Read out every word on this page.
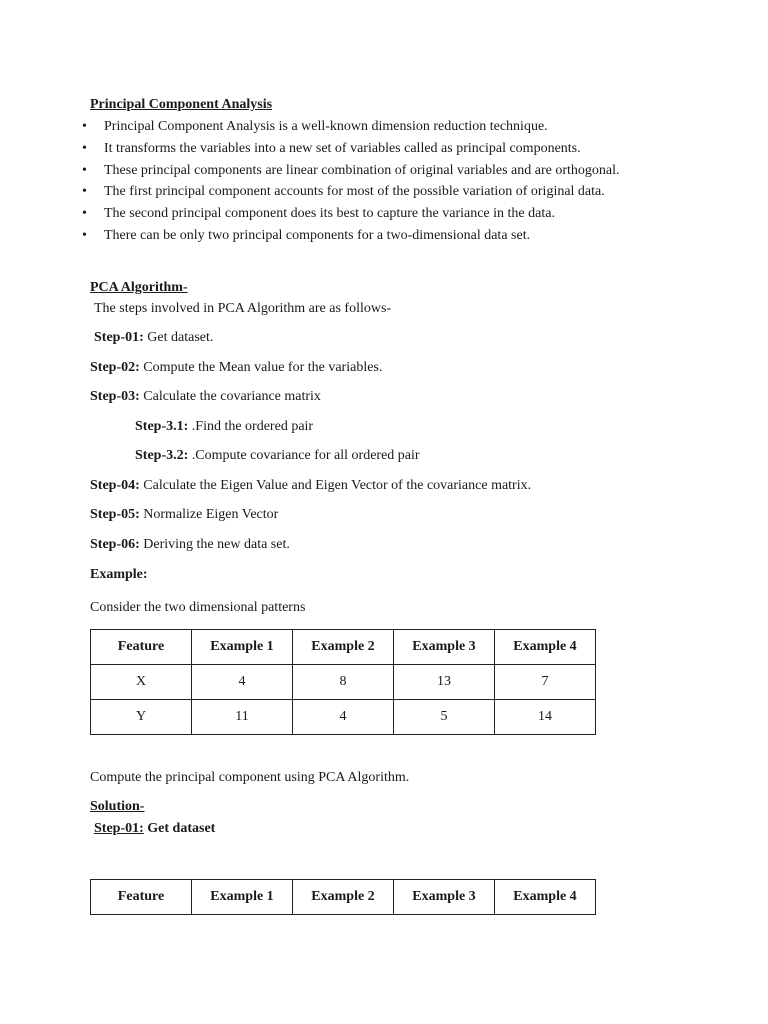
Principal Component Analysis
• Principal Component Analysis is a well-known dimension reduction technique.
• It transforms the variables into a new set of variables called as principal components.
• These principal components are linear combination of original variables and are orthogonal.
• The first principal component accounts for most of the possible variation of original data.
• The second principal component does its best to capture the variance in the data.
• There can be only two principal components for a two-dimensional data set.
PCA Algorithm-
The steps involved in PCA Algorithm are as follows-
Step-01: Get dataset.
Step-02: Compute the Mean value for the variables.
Step-03: Calculate the covariance matrix
Step-3.1: .Find the ordered pair
Step-3.2: .Compute covariance for all ordered pair
Step-04: Calculate the Eigen Value and Eigen Vector of the covariance matrix.
Step-05: Normalize Eigen Vector
Step-06: Deriving the new data set.
Example:
Consider the two dimensional patterns
Feature	Example 1	Example 2	Example 3	Example 4
X	4	8	13	7
Y	11	4	5	14
Compute the principal component using PCA Algorithm.
Solution-
Step-01: Get dataset
Feature	Example 1	Example 2	Example 3	Example 4
